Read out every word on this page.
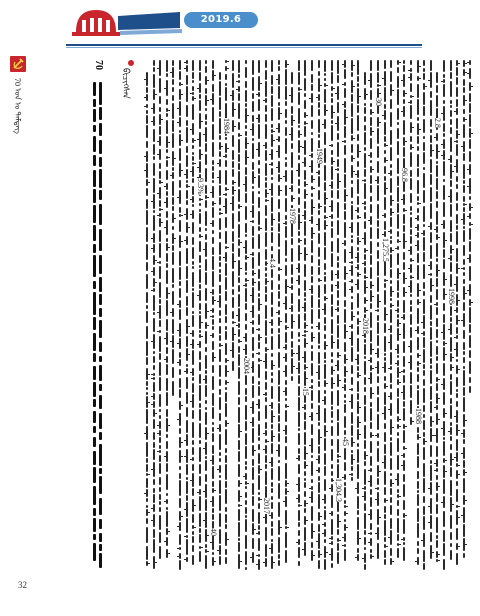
2019.6
70 ᠣᠨ ᠤ ᠲᠡᠮᠳᠡᠭ
70
ᠪᠢᠴᠢᠭᠰᠡᠨ
9.3%
1984
2004
4.4
1978
1949
1,304.3
2018
1,275.5
96.8
1988
2.8
1998
45
2017
40
15
30
32
